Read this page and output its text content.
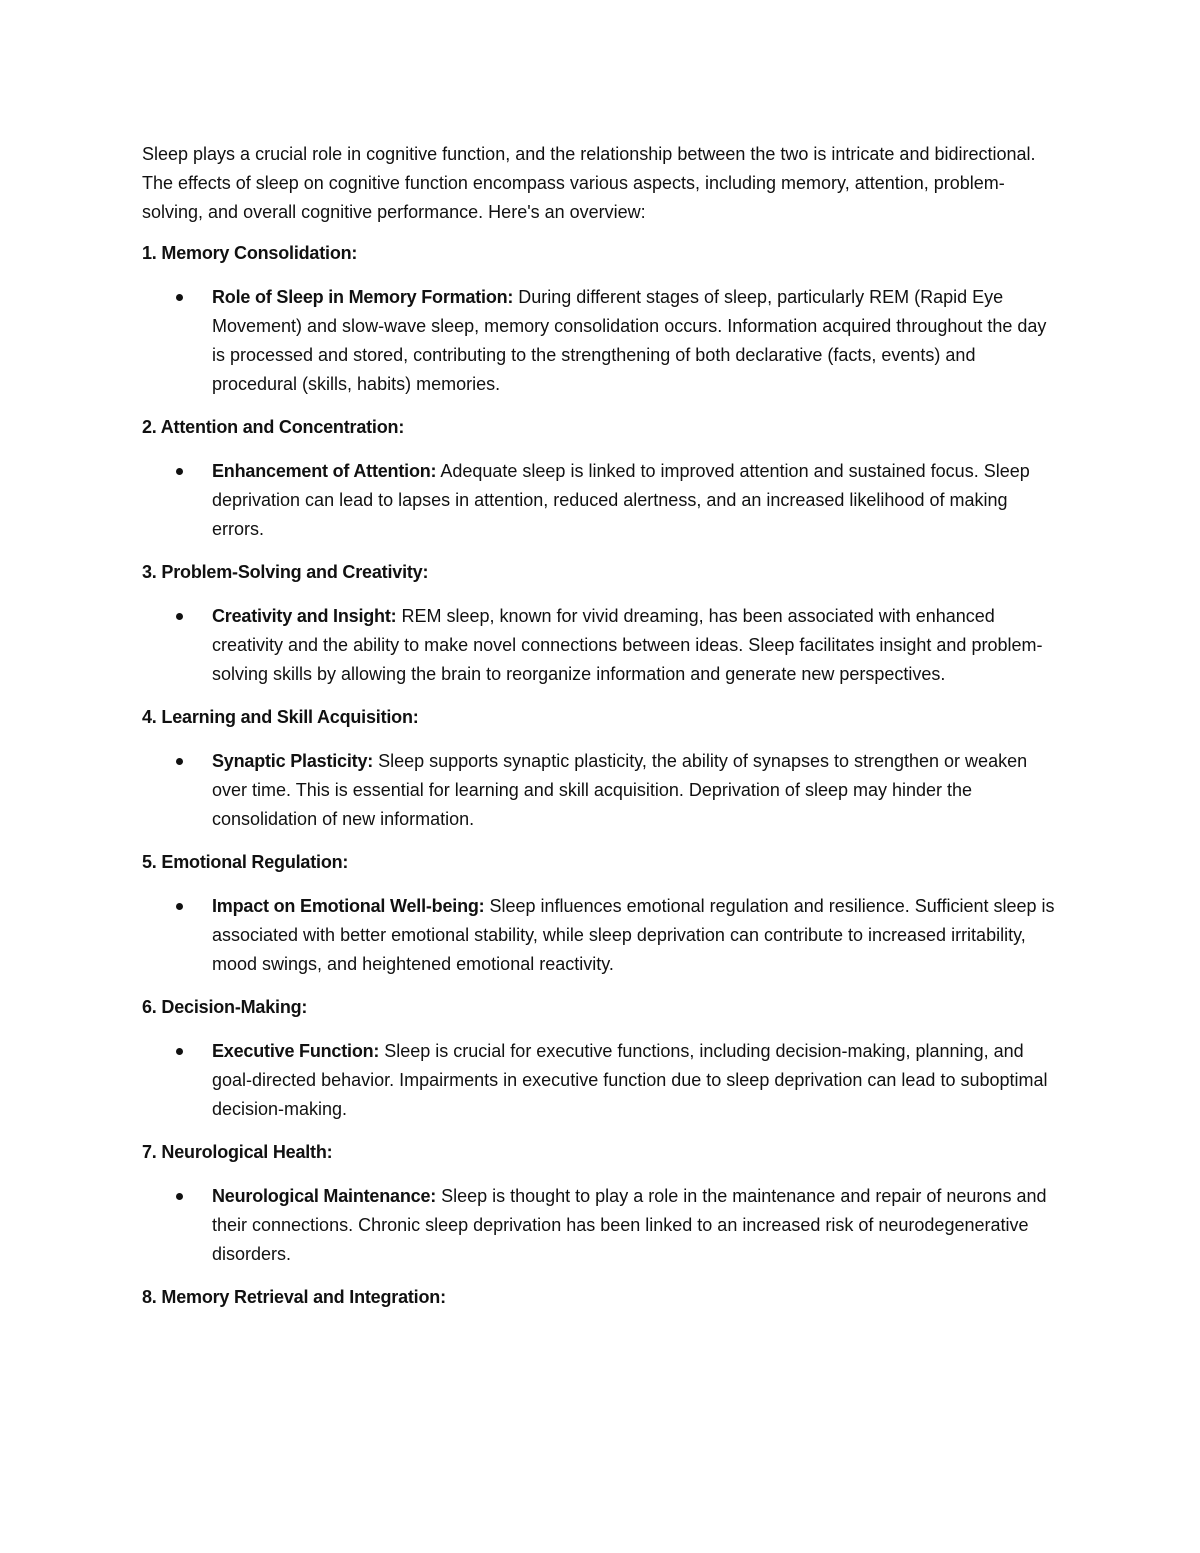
Sleep plays a crucial role in cognitive function, and the relationship between the two is intricate and bidirectional. The effects of sleep on cognitive function encompass various aspects, including memory, attention, problem-solving, and overall cognitive performance. Here's an overview:

1. Memory Consolidation:
Role of Sleep in Memory Formation: During different stages of sleep, particularly REM (Rapid Eye Movement) and slow-wave sleep, memory consolidation occurs. Information acquired throughout the day is processed and stored, contributing to the strengthening of both declarative (facts, events) and procedural (skills, habits) memories.
2. Attention and Concentration:
Enhancement of Attention: Adequate sleep is linked to improved attention and sustained focus. Sleep deprivation can lead to lapses in attention, reduced alertness, and an increased likelihood of making errors.
3. Problem-Solving and Creativity:
Creativity and Insight: REM sleep, known for vivid dreaming, has been associated with enhanced creativity and the ability to make novel connections between ideas. Sleep facilitates insight and problem-solving skills by allowing the brain to reorganize information and generate new perspectives.
4. Learning and Skill Acquisition:
Synaptic Plasticity: Sleep supports synaptic plasticity, the ability of synapses to strengthen or weaken over time. This is essential for learning and skill acquisition. Deprivation of sleep may hinder the consolidation of new information.
5. Emotional Regulation:
Impact on Emotional Well-being: Sleep influences emotional regulation and resilience. Sufficient sleep is associated with better emotional stability, while sleep deprivation can contribute to increased irritability, mood swings, and heightened emotional reactivity.
6. Decision-Making:
Executive Function: Sleep is crucial for executive functions, including decision-making, planning, and goal-directed behavior. Impairments in executive function due to sleep deprivation can lead to suboptimal decision-making.
7. Neurological Health:
Neurological Maintenance: Sleep is thought to play a role in the maintenance and repair of neurons and their connections. Chronic sleep deprivation has been linked to an increased risk of neurodegenerative disorders.
8. Memory Retrieval and Integration:
